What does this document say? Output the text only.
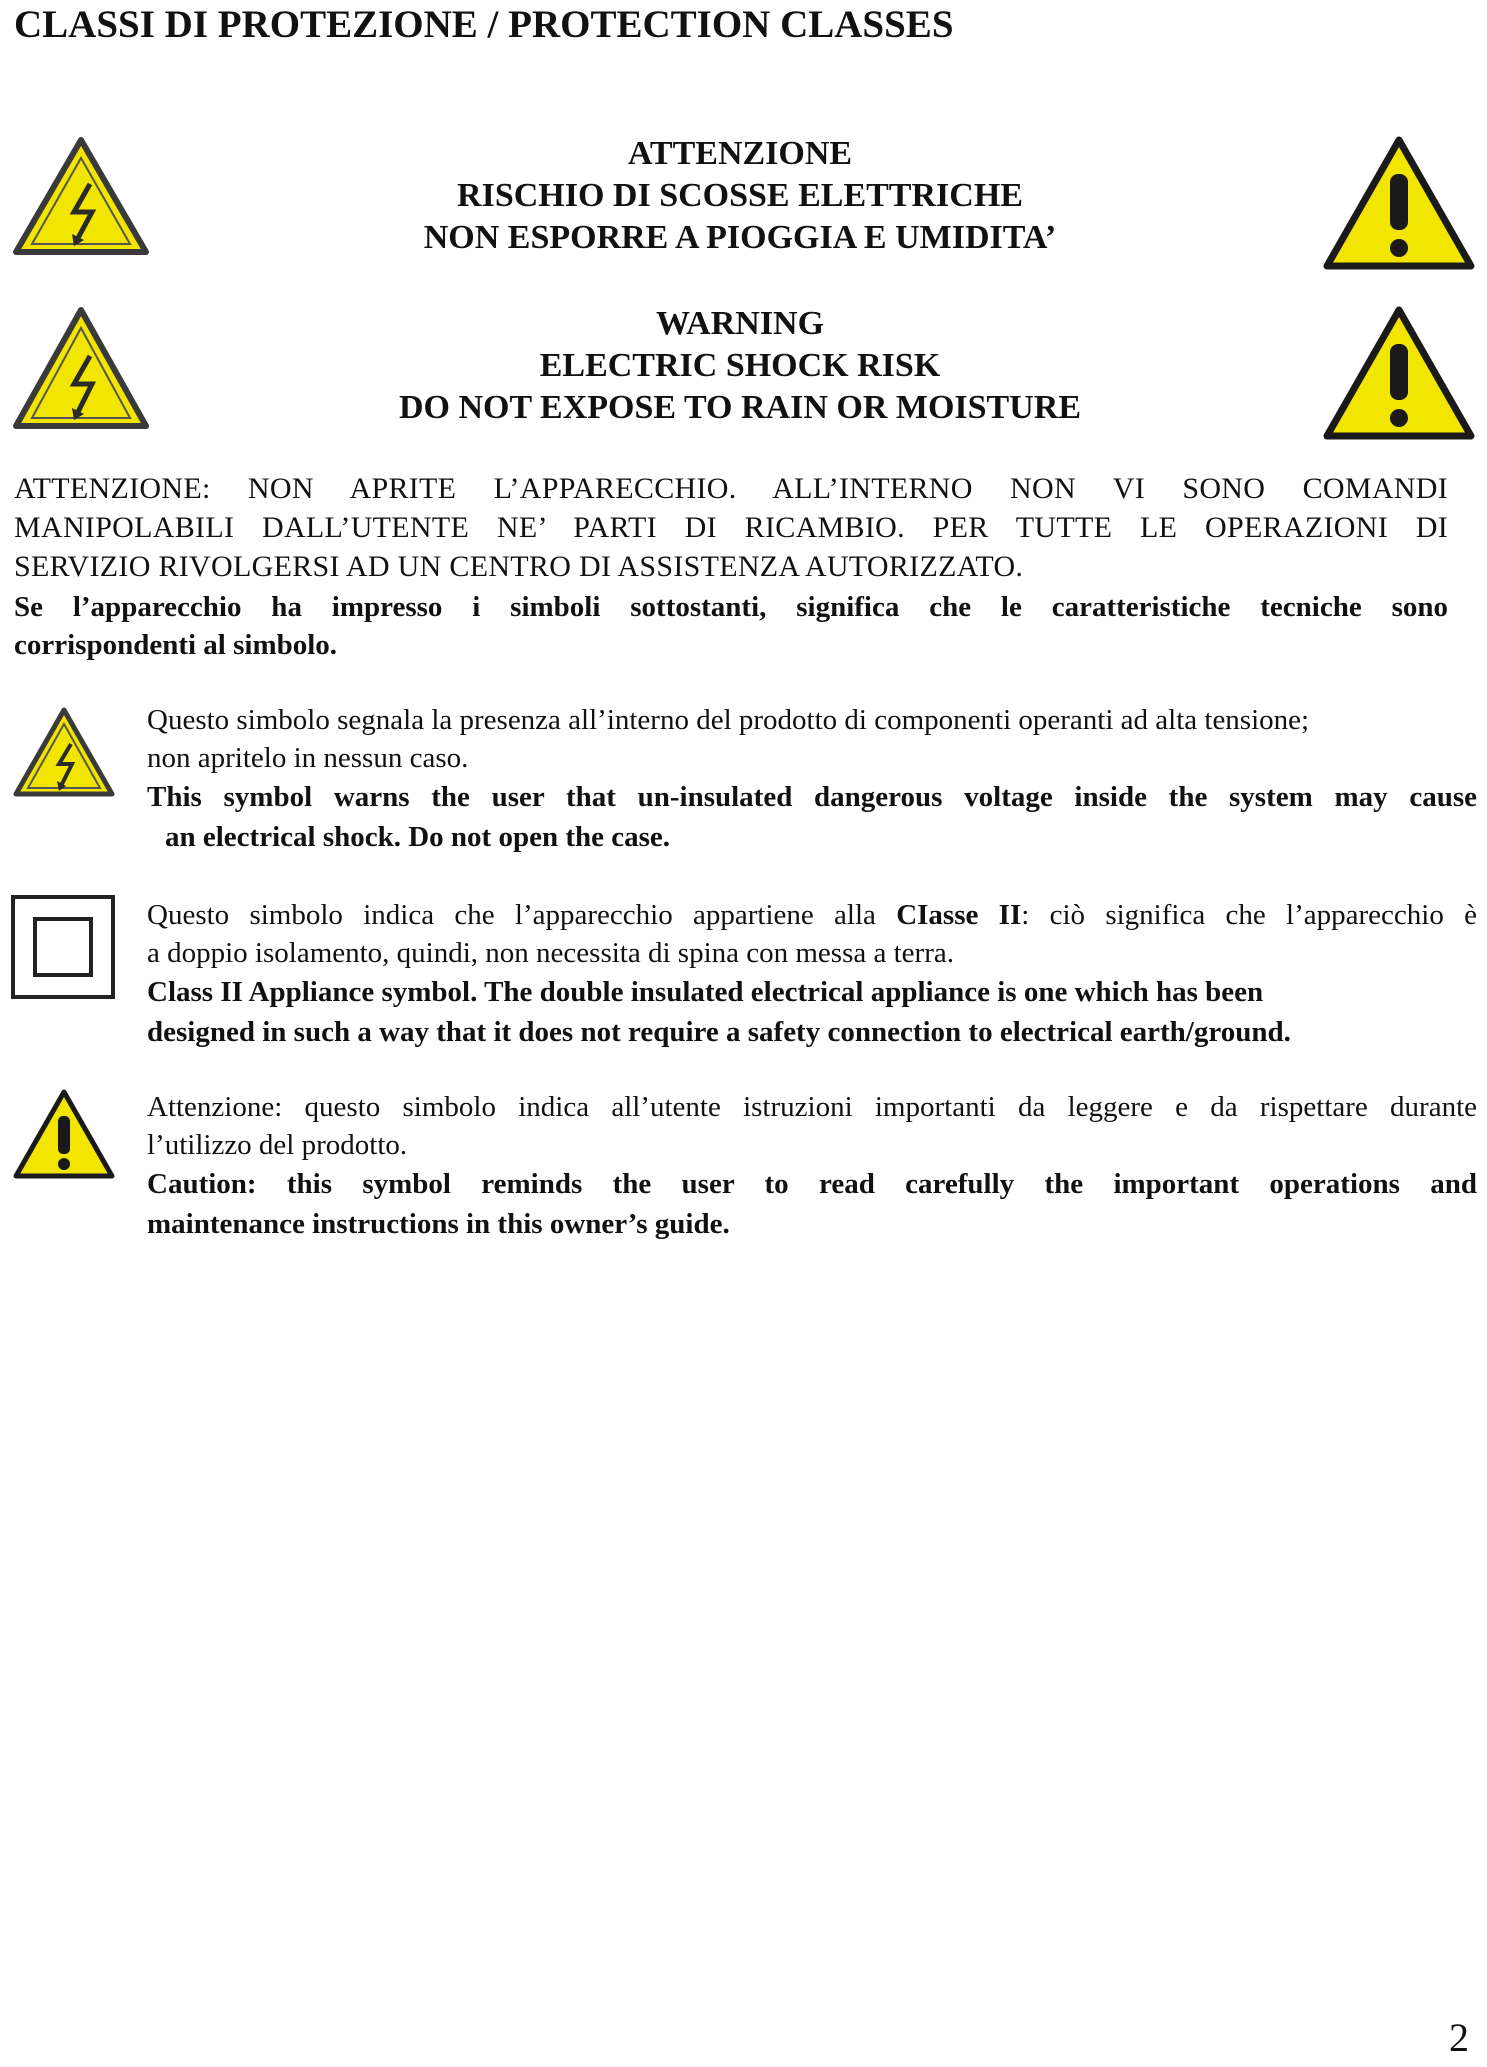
CLASSI DI PROTEZIONE / PROTECTION CLASSES
ATTENZIONE
RISCHIO DI SCOSSE ELETTRICHE
NON ESPORRE A PIOGGIA E UMIDITA’
WARNING
ELECTRIC SHOCK RISK
DO NOT EXPOSE TO RAIN OR MOISTURE
ATTENZIONE: NON APRITE L’APPARECCHIO. ALL’INTERNO NON VI SONO COMANDI
MANIPOLABILI DALL’UTENTE NE’ PARTI DI RICAMBIO. PER TUTTE LE OPERAZIONI DI
SERVIZIO RIVOLGERSI AD UN CENTRO DI ASSISTENZA AUTORIZZATO.
Se l’apparecchio ha impresso i simboli sottostanti, significa che le caratteristiche tecniche sono
corrispondenti al simbolo.
Questo simbolo segnala la presenza all’interno del prodotto di componenti operanti ad alta tensione;
non apritelo in nessun caso.
This symbol warns the user that un-insulated dangerous voltage inside the system may cause
an electrical shock. Do not open the case.
Questo simbolo indica che l’apparecchio appartiene alla CIasse II: ciò significa che l’apparecchio è
a doppio isolamento, quindi, non necessita di spina con messa a terra.
Class II Appliance symbol. The double insulated electrical appliance is one which has been
designed in such a way that it does not require a safety connection to electrical earth/ground.
Attenzione: questo simbolo indica all’utente istruzioni importanti da leggere e da rispettare durante
l’utilizzo del prodotto.
Caution: this symbol reminds the user to read carefully the important operations and
maintenance instructions in this owner’s guide.
2
